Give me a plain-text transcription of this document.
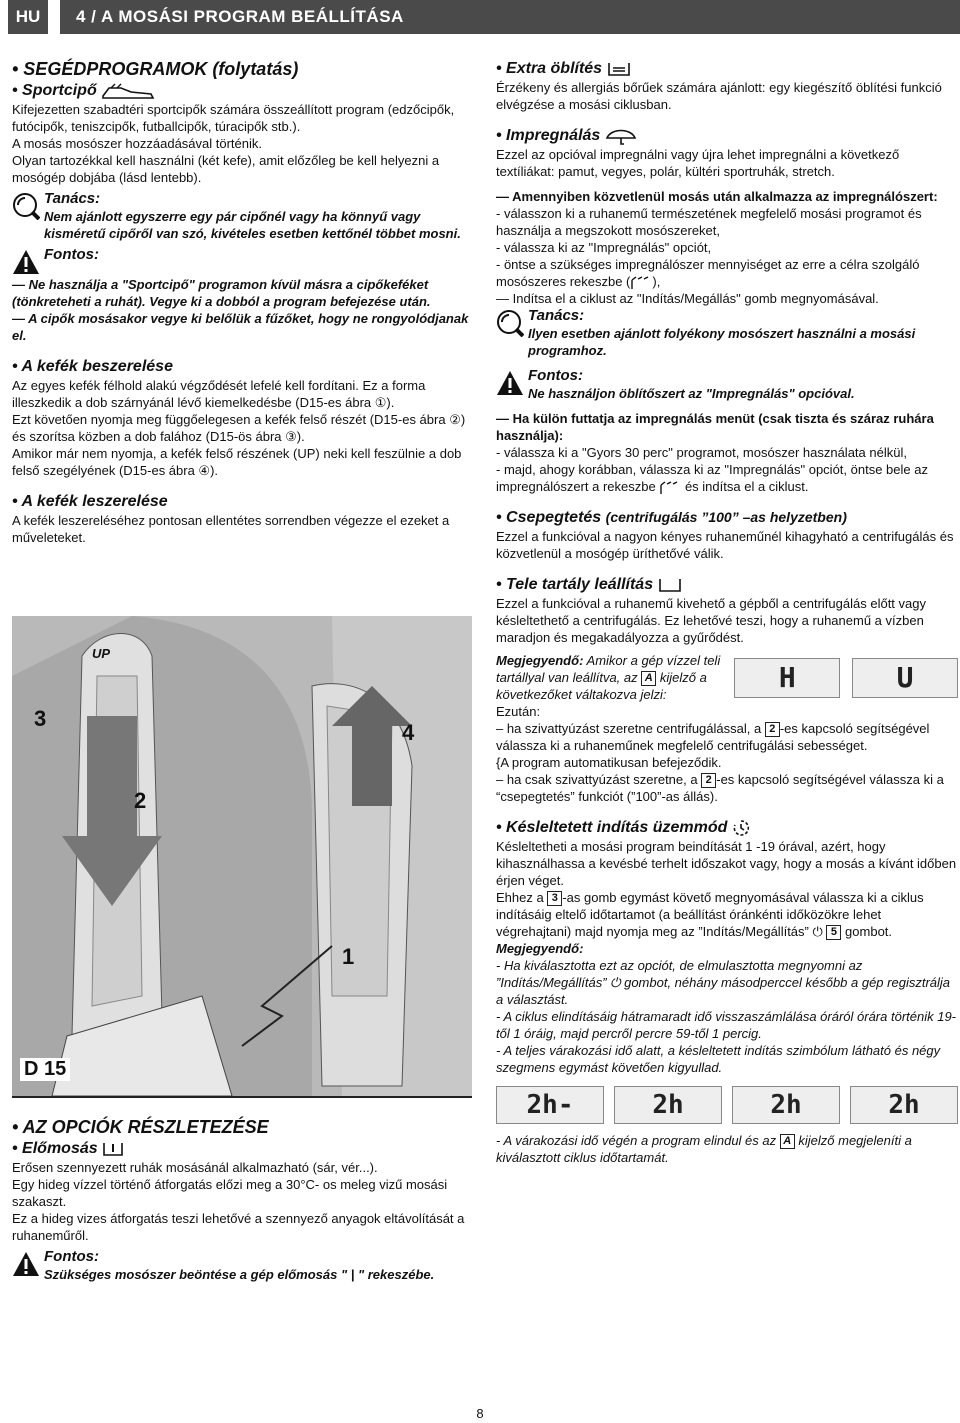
HU	4 / A MOSÁSI PROGRAM BEÁLLÍTÁSA
• SEGÉDPROGRAMOK (folytatás)
• Sportcipő

Kifejezetten szabadtéri sportcipők számára összeállított program (edzőcipők, futócipők, teniszcipők, futballcipők, túracipők stb.).

A mosás mosószer hozzáadásával történik.

Olyan tartozékkal kell használni (két kefe), amit előzőleg be kell helyezni a mosógép dobjába (lásd lentebb).

Tanács:

Nem ajánlott egyszerre egy pár cipőnél vagy ha könnyű vagy kisméretű cipőről van szó, kivételes esetben kettőnél többet mosni.

Fontos:

— Ne használja a "Sportcipő" programon kívül másra a cipőkeféket (tönkreteheti a ruhát). Vegye ki a dobból a program befejezése után.

— A cipők mosásakor vegye ki belőlük a fűzőket, hogy ne rongyolódjanak el.

• A kefék beszerelése

Az egyes kefék félhold alakú végződését lefelé kell fordítani. Ez a forma illeszkedik a dob szárnyánál lévő kiemelkedésbe (D15-es ábra ①).

Ezt követően nyomja meg függőelegesen a kefék felső részét (D15-es ábra ②) és szorítsa közben a dob falához (D15-ös ábra ③).

Amikor már nem nyomja, a kefék felső részének (UP) neki kell feszülnie a dob felső szegélyének (D15-es ábra ④).

• A kefék leszerelése

A kefék leszereléséhez pontosan ellentétes sorrendben végezze el ezeket a műveleteket.

3
2
4
1
UP
D 15
• AZ OPCIÓK RÉSZLETEZÉSE
• Előmosás

Erősen szennyezett ruhák mosásánál alkalmazható (sár, vér...).

Egy hideg vízzel történő átforgatás előzi meg a 30°C- os meleg vizű mosási szakaszt.

Ez a hideg vizes átforgatás teszi lehetővé a szennyező anyagok eltávolítását a ruhaneműről.

Fontos:

Szükséges mosószer beöntése a gép előmosás " | " rekeszébe.

• Extra öblítés

Érzékeny és allergiás bőrűek számára ajánlott: egy kiegészítő öblítési funkció elvégzése a mosási ciklusban.

• Impregnálás

Ezzel az opcióval impregnálni vagy újra lehet impregnálni a következő textíliákat: pamut, vegyes, polár, kültéri sportruhák, stretch.

— Amennyiben közvetlenül mosás után alkalmazza az impregnálószert:

- válasszon ki a ruhanemű természetének megfelelő mosási programot és használja a megszokott mosószereket,

- válassza ki az "Impregnálás" opciót,

- öntse a szükséges impregnálószer mennyiséget az erre a célra szolgáló mosószeres rekeszbe ( ),

— Indítsa el a ciklust az "Indítás/Megállás" gomb megnyomásával.

Tanács:

Ilyen esetben ajánlott folyékony mosószert használni a mosási programhoz.

Fontos:

Ne használjon öblítőszert az "Impregnálás" opcióval.

— Ha külön futtatja az impregnálás menüt (csak tiszta és száraz ruhára használja):

- válassza ki a "Gyors 30 perc" programot, mosószer használata nélkül,

- majd, ahogy korábban, válassza ki az "Impregnálás" opciót, öntse bele az impregnálószert a rekeszbe és indítsa el a ciklust.

• Csepegtetés (centrifugálás ”100” –as helyzetben)

Ezzel a funkcióval a nagyon kényes ruhaneműnél kihagyható a centrifugálás és közvetlenül a mosógép üríthetővé válik.

• Tele tartály leállítás

Ezzel a funkcióval a ruhanemű kivehető a gépből a centrifugálás előtt vagy késleltethető a centrifugálás. Ez lehetővé teszi, hogy a ruhanemű a vízben maradjon és megakadályozza a gyűrődést.

Megjegyendő: Amikor a gép vízzel teli tartállyal van leállítva, az A kijelző a következőket váltakozva jelzi:

H	U

Ezután:

– ha szivattyúzást szeretne centrifugálással, a 2 -es kapcsoló segítségével válassza ki a ruhaneműnek megfelelő centrifugálási sebességet.

{A program automatikusan befejeződik.

– ha csak szivattyúzást szeretne, a 2 -es kapcsoló segítségével válassza ki a “csepegtetés” funkciót (”100”-as állás).

• Késleltetett indítás üzemmód

Késleltetheti a mosási program beindítását 1 -19 órával, azért, hogy kihasználhassa a kevésbé terhelt időszakot vagy, hogy a mosás a kívánt időben érjen véget.

Ehhez a 3 -as gomb egymást követő megnyomásával válassza ki a ciklus indításáig eltelő időtartamot (a beállítást óránkénti időközökre lehet végrehajtani) majd nyomja meg az ”Indítás/Megállítás” ⏻ 5 gombot.

Megjegyendő:

- Ha kiválasztotta ezt az opciót, de elmulasztotta megnyomni az ”Indítás/Megállítás” ⏻ gombot, néhány másodperccel később a gép regisztrálja a választást.

- A ciklus elindításáig hátramaradt idő visszaszámlálása óráról órára történik 19-től 1 óráig, majd percről percre 59-től 1 percig.

- A teljes várakozási idő alatt, a késleltetett indítás szimbólum látható és négy szegmens egymást követően kigyullad.

2h-	2h	2h	2h

- A várakozási idő végén a program elindul és az A kijelző megjeleníti a kiválasztott ciklus időtartamát.

8
